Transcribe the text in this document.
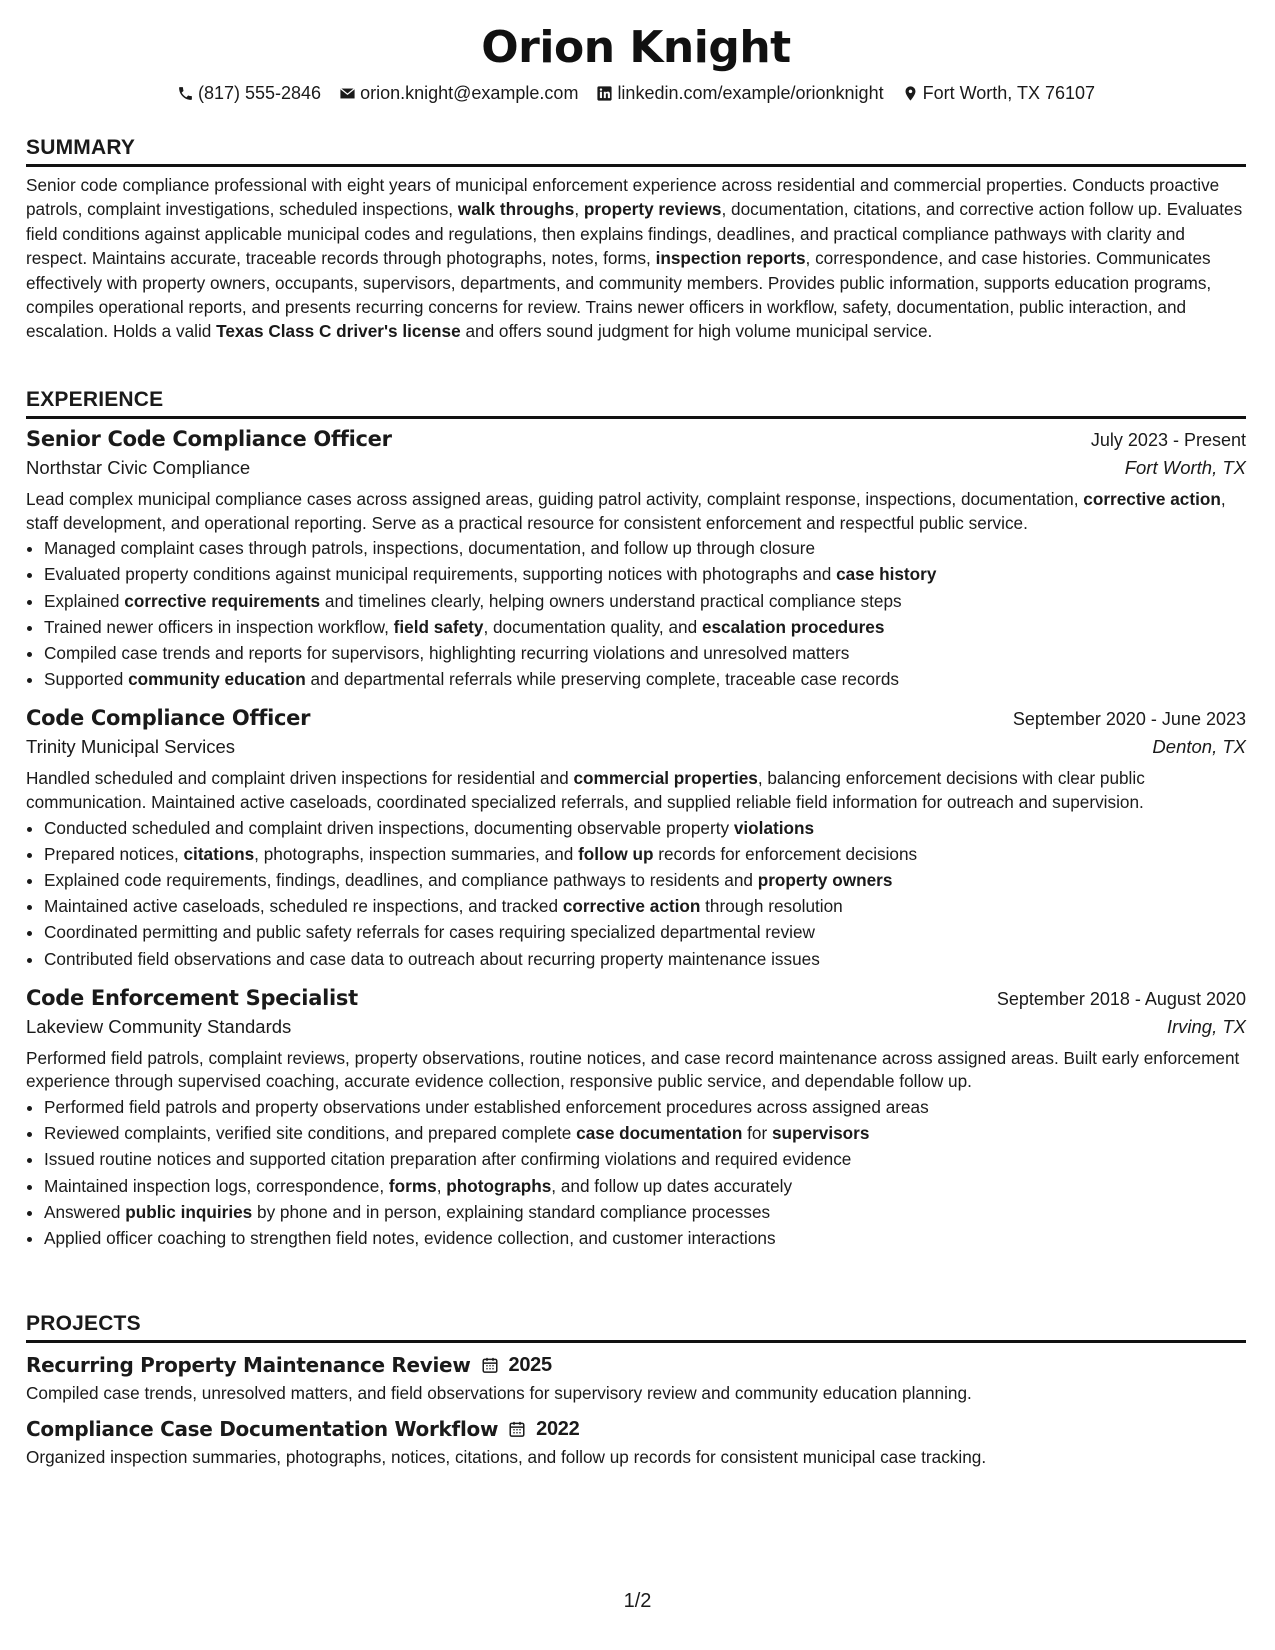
Orion Knight
(817) 555-2846 orion.knight@example.com linkedin.com/example/orionknight Fort Worth, TX 76107
SUMMARY

Senior code compliance professional with eight years of municipal enforcement experience across residential and commercial properties. Conducts proactive patrols, complaint investigations, scheduled inspections, walk throughs, property reviews, documentation, citations, and corrective action follow up. Evaluates field conditions against applicable municipal codes and regulations, then explains findings, deadlines, and practical compliance pathways with clarity and respect. Maintains accurate, traceable records through photographs, notes, forms, inspection reports, correspondence, and case histories. Communicates effectively with property owners, occupants, supervisors, departments, and community members. Provides public information, supports education programs, compiles operational reports, and presents recurring concerns for review. Trains newer officers in workflow, safety, documentation, public interaction, and escalation. Holds a valid Texas Class C driver's license and offers sound judgment for high volume municipal service.

EXPERIENCE
Senior Code Compliance Officer	July 2023 - Present
Northstar Civic Compliance	Fort Worth, TX
Lead complex municipal compliance cases across assigned areas, guiding patrol activity, complaint response, inspections, documentation, corrective action, staff development, and operational reporting. Serve as a practical resource for consistent enforcement and respectful public service.
• Managed complaint cases through patrols, inspections, documentation, and follow up through closure
• Evaluated property conditions against municipal requirements, supporting notices with photographs and case history
• Explained corrective requirements and timelines clearly, helping owners understand practical compliance steps
• Trained newer officers in inspection workflow, field safety, documentation quality, and escalation procedures
• Compiled case trends and reports for supervisors, highlighting recurring violations and unresolved matters
• Supported community education and departmental referrals while preserving complete, traceable case records
Code Compliance Officer	September 2020 - June 2023
Trinity Municipal Services	Denton, TX
Handled scheduled and complaint driven inspections for residential and commercial properties, balancing enforcement decisions with clear public communication. Maintained active caseloads, coordinated specialized referrals, and supplied reliable field information for outreach and supervision.
• Conducted scheduled and complaint driven inspections, documenting observable property violations
• Prepared notices, citations, photographs, inspection summaries, and follow up records for enforcement decisions
• Explained code requirements, findings, deadlines, and compliance pathways to residents and property owners
• Maintained active caseloads, scheduled re inspections, and tracked corrective action through resolution
• Coordinated permitting and public safety referrals for cases requiring specialized departmental review
• Contributed field observations and case data to outreach about recurring property maintenance issues
Code Enforcement Specialist	September 2018 - August 2020
Lakeview Community Standards	Irving, TX
Performed field patrols, complaint reviews, property observations, routine notices, and case record maintenance across assigned areas. Built early enforcement experience through supervised coaching, accurate evidence collection, responsive public service, and dependable follow up.
• Performed field patrols and property observations under established enforcement procedures across assigned areas
• Reviewed complaints, verified site conditions, and prepared complete case documentation for supervisors
• Issued routine notices and supported citation preparation after confirming violations and required evidence
• Maintained inspection logs, correspondence, forms, photographs, and follow up dates accurately
• Answered public inquiries by phone and in person, explaining standard compliance processes
• Applied officer coaching to strengthen field notes, evidence collection, and customer interactions
PROJECTS
Recurring Property Maintenance Review 2025
Compiled case trends, unresolved matters, and field observations for supervisory review and community education planning.
Compliance Case Documentation Workflow 2022
Organized inspection summaries, photographs, notices, citations, and follow up records for consistent municipal case tracking.
1/2
